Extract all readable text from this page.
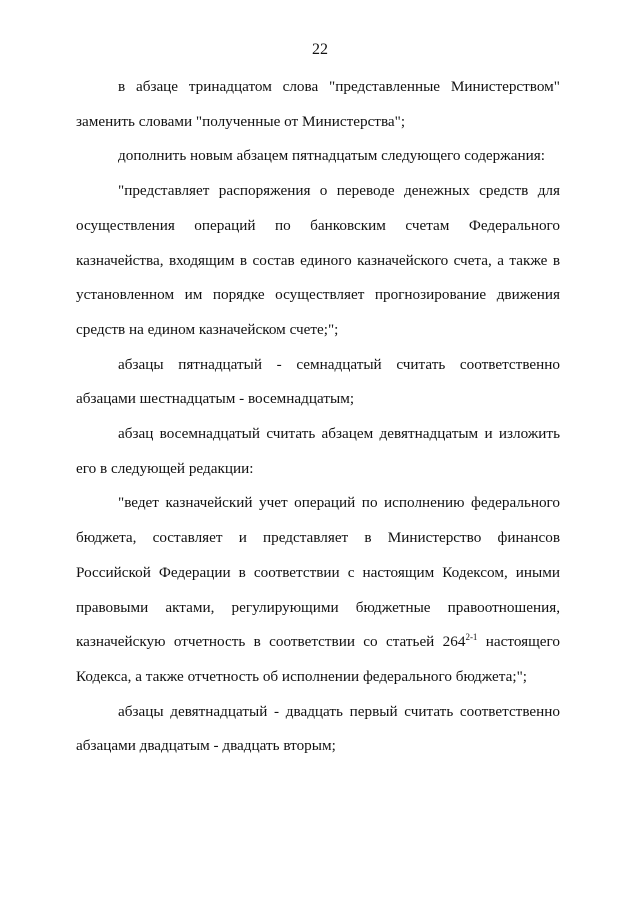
22

в абзаце тринадцатом слова "представленные Министерством" заменить словами "полученные от Министерства";

дополнить новым абзацем пятнадцатым следующего содержания:

"представляет распоряжения о переводе денежных средств для осуществления операций по банковским счетам Федерального казначейства, входящим в состав единого казначейского счета, а также в установленном им порядке осуществляет прогнозирование движения средств на едином казначейском счете;";

абзацы пятнадцатый - семнадцатый считать соответственно абзацами шестнадцатым - восемнадцатым;

абзац восемнадцатый считать абзацем девятнадцатым и изложить его в следующей редакции:

"ведет казначейский учет операций по исполнению федерального бюджета, составляет и представляет в Министерство финансов Российской Федерации в соответствии с настоящим Кодексом, иными правовыми актами, регулирующими бюджетные правоотношения, казначейскую отчетность в соответствии со статьей 264$^{2-1}$ настоящего Кодекса, а также отчетность об исполнении федерального бюджета;";

абзацы девятнадцатый - двадцать первый считать соответственно абзацами двадцатым - двадцать вторым;
